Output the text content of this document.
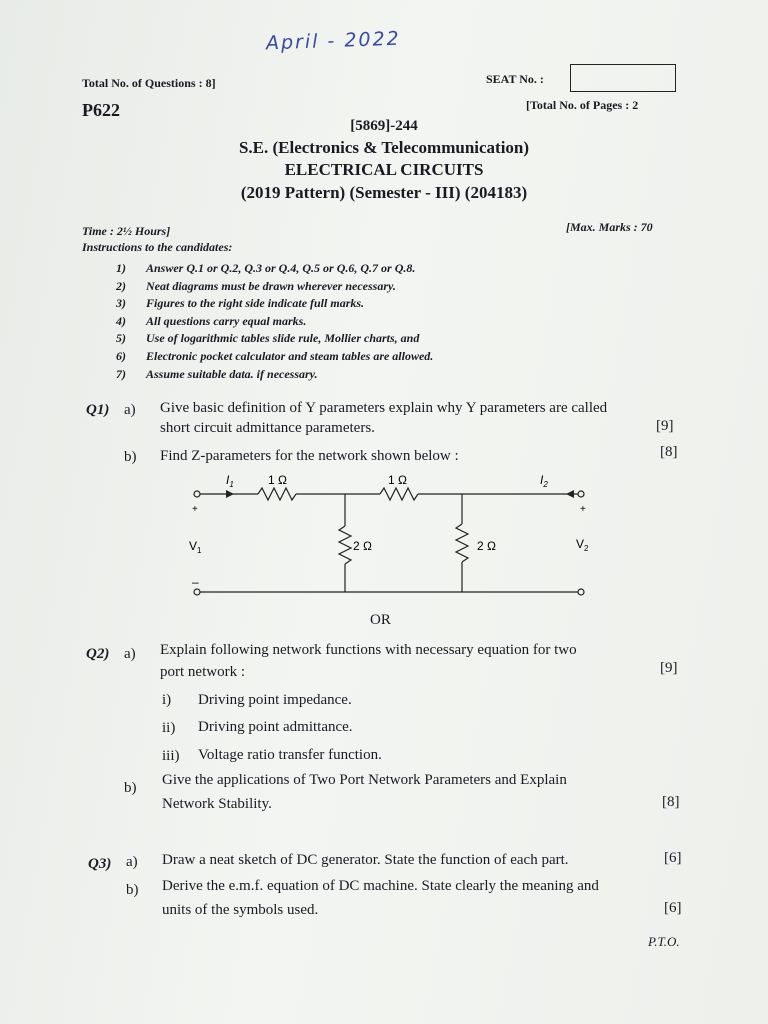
April - 2022
Total No. of Questions : 8]	SEAT No. :
P622	[Total No. of Pages : 2
[5869]-244
S.E. (Electronics & Telecommunication)
ELECTRICAL CIRCUITS
(2019 Pattern) (Semester - III) (204183)
Time : 2½ Hours]	[Max. Marks : 70
Instructions to the candidates:
1) Answer Q.1 or Q.2, Q.3 or Q.4, Q.5 or Q.6, Q.7 or Q.8.
2) Neat diagrams must be drawn wherever necessary.
3) Figures to the right side indicate full marks.
4) All questions carry equal marks.
5) Use of logarithmic tables slide rule, Mollier charts, and
6) Electronic pocket calculator and steam tables are allowed.
7) Assume suitable data. if necessary.
Q1) a) Give basic definition of Y parameters explain why Y parameters are called
short circuit admittance parameters.	[9]
b) Find Z-parameters for the network shown below :	[8]
$I_1$	1 Ω	1 Ω	$I_2$
+	+
$V_1$	2 Ω	2 Ω	$V_2$
–
OR
Q2) a) Explain following network functions with necessary equation for two
port network :	[9]
i) Driving point impedance.
ii) Driving point admittance.
iii) Voltage ratio transfer function.
b) Give the applications of Two Port Network Parameters and Explain
Network Stability.	[8]
Q3) a) Draw a neat sketch of DC generator. State the function of each part.	[6]
b) Derive the e.m.f. equation of DC machine. State clearly the meaning and
units of the symbols used.	[6]
P.T.O.
